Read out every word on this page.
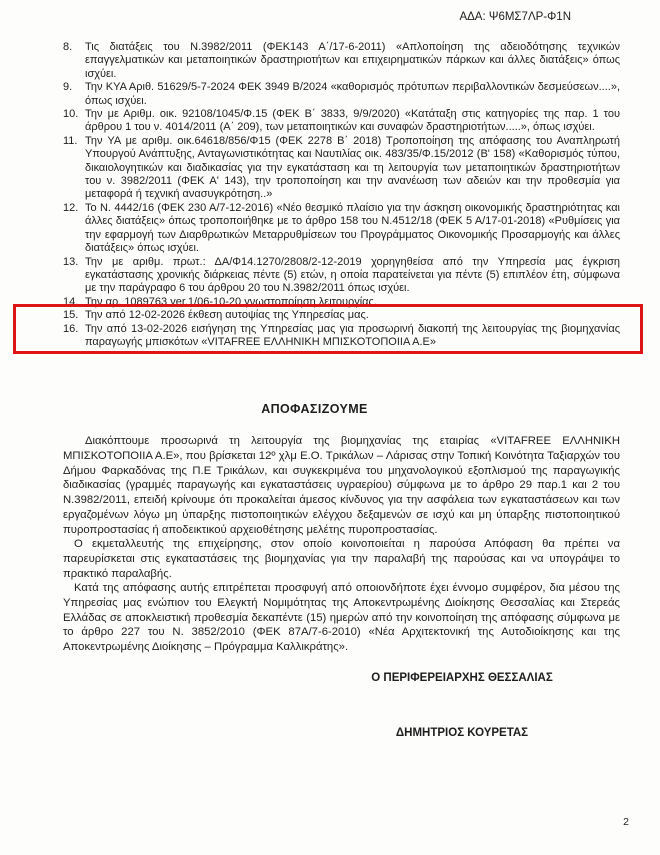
ΑΔΑ: Ψ6ΜΣ7ΛΡ-Φ1Ν
8.	Τις διατάξεις του Ν.3982/2011 (ΦΕΚ143 Α΄/17-6-2011) «Απλοποίηση της αδειοδότησης τεχνικών επαγγελματικών και μεταποιητικών δραστηριοτήτων και επιχειρηματικών πάρκων και άλλες διατάξεις» όπως ισχύει.
9.	Την ΚΥΑ Αριθ. 51629/5-7-2024 ΦΕΚ 3949 Β/2024 «καθορισμός πρότυπων περιβαλλοντικών δεσμεύσεων....», όπως ισχύει.
10. Την με Αριθμ. οικ. 92108/1045/Φ.15 (ΦΕΚ Β΄ 3833, 9/9/2020) «Κατάταξη στις κατηγορίες της παρ. 1 του άρθρου 1 του ν. 4014/2011 (Α΄ 209), των μεταποιητικών και συναφών δραστηριοτήτων.....», όπως ισχύει.
11. Την ΥΑ με αριθμ. οικ.64618/856/Φ15 (ΦΕΚ 2278 Β΄ 2018) Τροποποίηση της απόφασης του Αναπληρωτή Υπουργού Ανάπτυξης, Ανταγωνιστικότητας και Ναυτιλίας οικ. 483/35/Φ.15/2012 (Β' 158) «Καθορισμός τύπου, δικαιολογητικών και διαδικασίας για την εγκατάσταση και τη λειτουργία των μεταποιητικών δραστηριοτήτων του ν. 3982/2011 (ΦΕΚ Α' 143), την τροποποίηση και την ανανέωση των αδειών και την προθεσμία για μεταφορά ή τεχνική ανασυγκρότηση..»
12. Το Ν. 4442/16 (ΦΕΚ 230 Α/7-12-2016) «Νέο θεσμικό πλαίσιο για την άσκηση οικονομικής δραστηριότητας και άλλες διατάξεις» όπως τροποποιήθηκε με το άρθρο 158 του Ν.4512/18 (ΦΕΚ 5 Α/17-01-2018) «Ρυθμίσεις για την εφαρμογή των Διαρθρωτικών Μεταρρυθμίσεων του Προγράμματος Οικονομικής Προσαρμογής και άλλες διατάξεις» όπως ισχύει.
13. Την με αριθμ. πρωτ.: ΔΑ/Φ14.1270/2808/2-12-2019 χορηγηθείσα από την Υπηρεσία μας έγκριση εγκατάστασης χρονικής διάρκειας πέντε (5) ετών, η οποία παρατείνεται για πέντε (5) επιπλέον έτη, σύμφωνα με την παράγραφο 6 του άρθρου 20 του Ν.3982/2011 όπως ισχύει.
14. Την αρ. 1089763 ver.1/06-10-20 γνωστοποίηση λειτουργίας.
15. Την από 12-02-2026 έκθεση αυτοψίας της Υπηρεσίας μας.
16. Την από 13-02-2026 εισήγηση της Υπηρεσίας μας για προσωρινή διακοπή της λειτουργίας της βιομηχανίας παραγωγής μπισκότων «VITAFREE ΕΛΛΗΝΙΚΗ ΜΠΙΣΚΟΤΟΠΟΙΙΑ Α.Ε»
ΑΠΟΦΑΣΙΖΟΥΜΕ

Διακόπτουμε προσωρινά τη λειτουργία της βιομηχανίας της εταιρίας «VITAFREE ΕΛΛΗΝΙΚΗ ΜΠΙΣΚΟΤΟΠΟΙΙΑ Α.Ε», που βρίσκεται 12º χλμ Ε.Ο. Τρικάλων – Λάρισας στην Τοπική Κοινότητα Ταξιαρχών του Δήμου Φαρκαδόνας της Π.Ε Τρικάλων, και συγκεκριμένα του μηχανολογικού εξοπλισμού της παραγωγικής διαδικασίας (γραμμές παραγωγής και εγκαταστάσεις υγραερίου) σύμφωνα με το άρθρο 29 παρ.1 και 2 του Ν.3982/2011, επειδή κρίνουμε ότι προκαλείται άμεσος κίνδυνος για την ασφάλεια των εγκαταστάσεων και των εργαζομένων λόγω μη ύπαρξης πιστοποιητικών ελέγχου δεξαμενών σε ισχύ και μη ύπαρξης πιστοποιητικού πυροπροστασίας ή αποδεικτικού αρχειοθέτησης μελέτης πυροπροστασίας.

Ο εκμεταλλευτής της επιχείρησης, στον οποίο κοινοποιείται η παρούσα Απόφαση θα πρέπει να παρευρίσκεται στις εγκαταστάσεις της βιομηχανίας για την παραλαβή της παρούσας και να υπογράψει το πρακτικό παραλαβής.

Κατά της απόφασης αυτής επιτρέπεται προσφυγή από οποιονδήποτε έχει έννομο συμφέρον, δια μέσου της Υπηρεσίας μας ενώπιον του Ελεγκτή Νομιμότητας της Αποκεντρωμένης Διοίκησης Θεσσαλίας και Στερεάς Ελλάδας σε αποκλειστική προθεσμία δεκαπέντε (15) ημερών από την κοινοποίηση της απόφασης σύμφωνα με το άρθρο 227 του Ν. 3852/2010 (ΦΕΚ 87Α/7-6-2010) «Νέα Αρχιτεκτονική της Αυτοδιοίκησης και της Αποκεντρωμένης Διοίκησης – Πρόγραμμα Καλλικράτης».

Ο ΠΕΡΙΦΕΡΕΙΑΡΧΗΣ ΘΕΣΣΑΛΙΑΣ
ΔΗΜΗΤΡΙΟΣ ΚΟΥΡΕΤΑΣ
2
